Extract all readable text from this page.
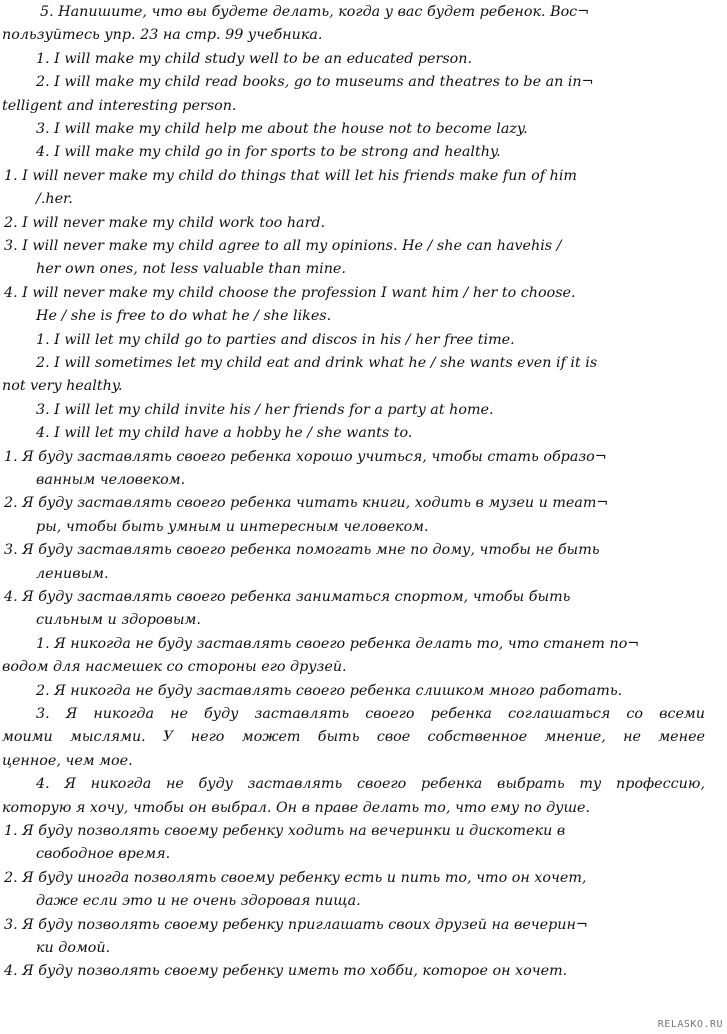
5. Напишите, что вы будете делать, когда у вас будет ребенок. Вос¬
пользуйтесь упр. 23 на стр. 99 учебника.
1. I will make my child study well to be an educated person.
2. I will make my child read books, go to museums and theatres to be an in¬
telligent and interesting person.
3. I will make my child help me about the house not to become lazy.
4. I will make my child go in for sports to be strong and healthy.
1. I will never make my child do things that will let his friends make fun of him
/.her.
2. I will never make my child work too hard.
3. I will never make my child agree to all my opinions. He / she can havehis /
her own ones, not less valuable than mine.
4. I will never make my child choose the profession I want him / her to choose.
He / she is free to do what he / she likes.
1. I will let my child go to parties and discos in his / her free time.
2. I will sometimes let my child eat and drink what he / she wants even if it is
not very healthy.
3. I will let my child invite his / her friends for a party at home.
4. I will let my child have a hobby he / she wants to.
1. Я буду заставлять своего ребенка хорошо учиться, чтобы стать образо¬
ванным человеком.
2. Я буду заставлять своего ребенка читать книги, ходить в музеи и теат¬
ры, чтобы быть умным и интересным человеком.
3. Я буду заставлять своего ребенка помогать мне по дому, чтобы не быть
ленивым.
4. Я буду заставлять своего ребенка заниматься спортом, чтобы быть
сильным и здоровым.
1. Я никогда не буду заставлять своего ребенка делать то, что станет по¬
водом для насмешек со стороны его друзей.
2. Я никогда не буду заставлять своего ребенка слишком много работать.
3. Я никогда не буду заставлять своего ребенка соглашаться со всеми
моими мыслями. У него может быть свое собственное мнение, не менее
ценное, чем мое.
4. Я никогда не буду заставлять своего ребенка выбрать ту профессию,
которую я хочу, чтобы он выбрал. Он в праве делать то, что ему по душе.
1. Я буду позволять своему ребенку ходить на вечеринки и дискотеки в
свободное время.
2. Я буду иногда позволять своему ребенку есть и пить то, что он хочет,
даже если это и не очень здоровая пища.
3. Я буду позволять своему ребенку приглашать своих друзей на вечерин¬
ки домой.
4. Я буду позволять своему ребенку иметь то хобби, которое он хочет.
RELASKO.RU
